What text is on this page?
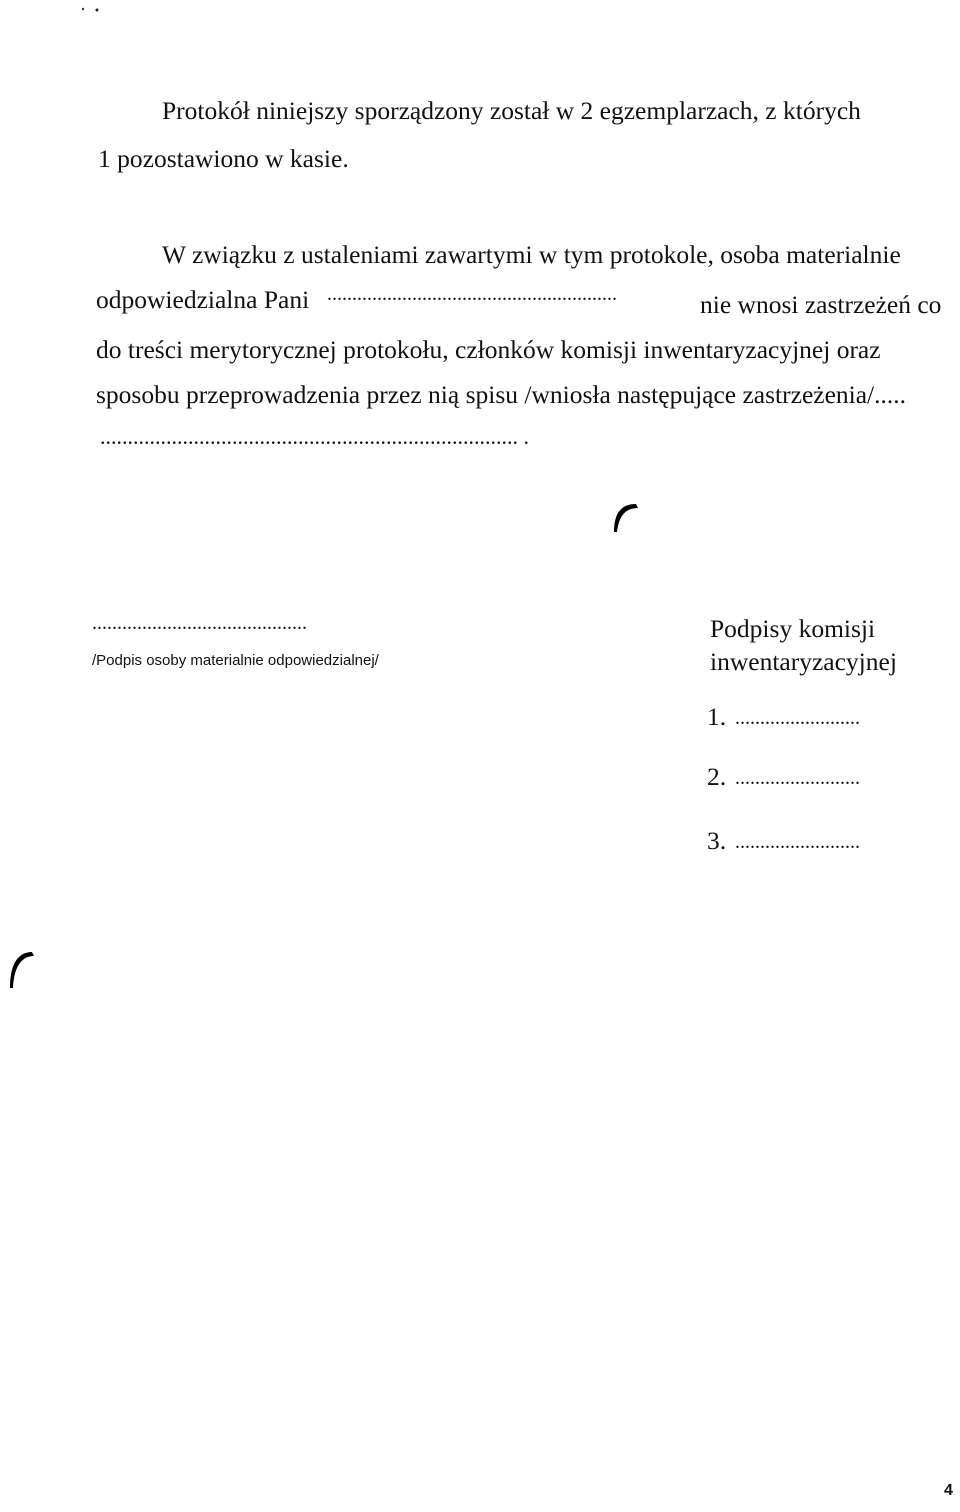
Protokół niniejszy sporządzony został w 2 egzemplarzach, z których
1 pozostawiono w kasie.
W związku z ustaleniami zawartymi w tym protokole, osoba materialnie
odpowiedzialna Pani ..........................................................	nie wnosi zastrzeżeń co
do treści merytorycznej protokołu, członków komisji inwentaryzacyjnej oraz
sposobu przeprowadzenia przez nią spisu /wniosła następujące zastrzeżenia/.....
............................................................................ .
...........................................
/Podpis osoby materialnie odpowiedzialnej/
Podpisy komisji
inwentaryzacyjnej
1. .........................
2. .........................
3. .........................
4
